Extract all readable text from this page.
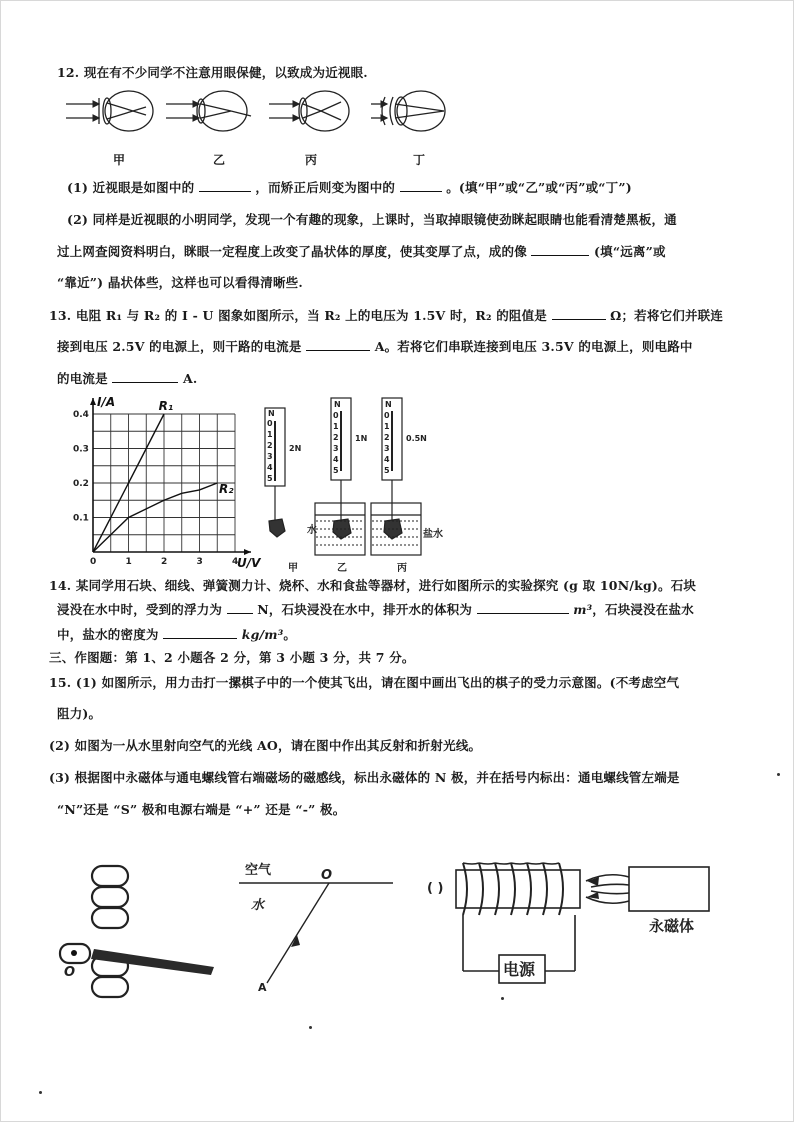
12. 现在有不少同学不注意用眼保健，以致成为近视眼.
甲	乙	丙	丁
(1) 近视眼是如图中的	，而矫正后则变为图中的	。(填“甲”或“乙”或“丙”或“丁”)
(2) 同样是近视眼的小明同学，发现一个有趣的现象，上课时，当取掉眼镜使劲眯起眼睛也能看清楚黑板，通
过上网查阅资料明白，眯眼一定程度上改变了晶状体的厚度，使其变厚了点，成的像	(填“远离”或
“靠近”) 晶状体些，这样也可以看得清晰些.
13. 电阻 R₁ 与 R₂ 的 I - U 图象如图所示，当 R₂ 上的电压为 1.5V 时，R₂ 的阻值是	Ω；若将它们并联连
接到电压 2.5V 的电源上，则干路的电流是	A。若将它们串联连接到电压 3.5V 的电源上，则电路中
的电流是	A.
0.4
0.3
0.2
0.1
0	1	2	3	4
I/A
U/V
R₁
R₂
N
N	N
0
1
2
3
4
5
0
1
2
3
4
5
0
1
2
3
4
5
2N
1N	0.5N
水	盐水
甲	乙	丙
14. 某同学用石块、细线、弹簧测力计、烧杯、水和食盐等器材，进行如图所示的实验探究 (g 取 10N/kg)。石块
浸没在水中时，受到的浮力为	N，石块浸没在水中，排开水的体积为	m³，石块浸没在盐水
中，盐水的密度为	kg/m³。
三、作图题：第 1、2 小题各 2 分，第 3 小题 3 分，共 7 分。
15. (1) 如图所示，用力击打一摞棋子中的一个使其飞出，请在图中画出飞出的棋子的受力示意图。(不考虑空气
阻力)。
(2) 如图为一从水里射向空气的光线 AO，请在图中作出其反射和折射光线。
(3) 根据图中永磁体与通电螺线管右端磁场的磁感线，标出永磁体的 N 极，并在括号内标出：通电螺线管左端是
“N”还是 “S” 极和电源右端是 “+” 还是 “-” 极。
O
空气
水
O
A
( )
电源
永磁体
